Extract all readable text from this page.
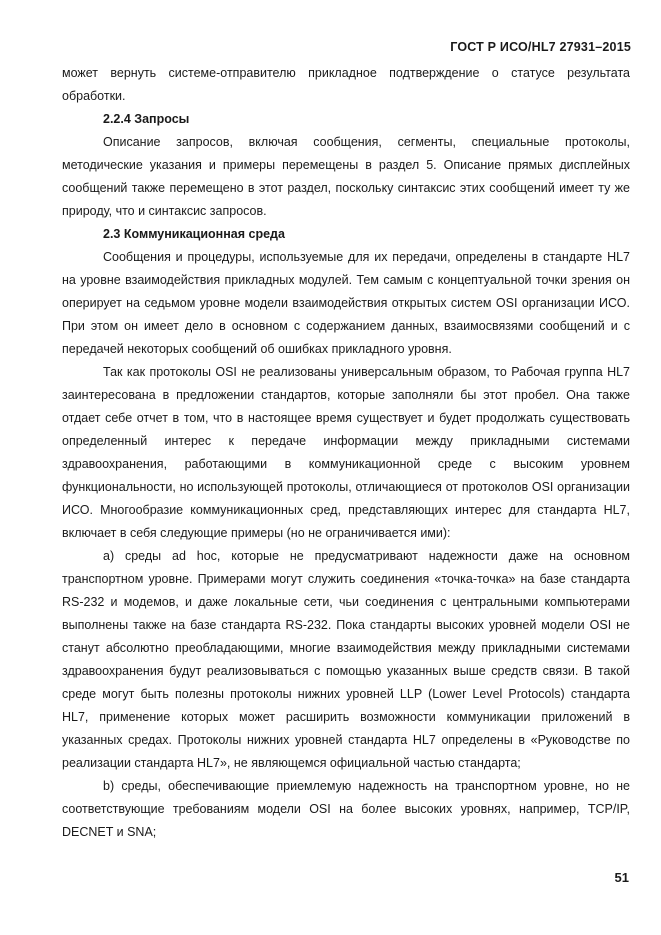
ГОСТ Р ИСО/HL7 27931–2015

может вернуть системе-отправителю прикладное подтверждение о статусе результата обработки.

2.2.4 Запросы

Описание запросов, включая сообщения, сегменты, специальные протоколы, методические указания и примеры перемещены в раздел 5. Описание прямых дисплейных сообщений также перемещено в этот раздел, поскольку синтаксис этих сообщений имеет ту же природу, что и синтаксис запросов.

2.3 Коммуникационная среда

Сообщения и процедуры, используемые для их передачи, определены в стандарте HL7 на уровне взаимодействия прикладных модулей. Тем самым с концептуальной точки зрения он оперирует на седьмом уровне модели взаимодействия открытых систем OSI организации ИСО. При этом он имеет дело в основном с содержанием данных, взаимосвязями сообщений и с передачей некоторых сообщений об ошибках прикладного уровня.

Так как протоколы OSI не реализованы универсальным образом, то Рабочая группа HL7 заинтересована в предложении стандартов, которые заполняли бы этот пробел. Она также отдает себе отчет в том, что в настоящее время существует и будет продолжать существовать определенный интерес к передаче информации между прикладными системами здравоохранения, работающими в коммуникационной среде с высоким уровнем функциональности, но использующей протоколы, отличающиеся от протоколов OSI организации ИСО. Многообразие коммуникационных сред, представляющих интерес для стандарта HL7, включает в себя следующие примеры (но не ограничивается ими):

a) среды ad hoc, которые не предусматривают надежности даже на основном транспортном уровне. Примерами могут служить соединения «точка-точка» на базе стандарта RS-232 и модемов, и даже локальные сети, чьи соединения с центральными компьютерами выполнены также на базе стандарта RS-232. Пока стандарты высоких уровней модели OSI не станут абсолютно преобладающими, многие взаимодействия между прикладными системами здравоохранения будут реализовываться с помощью указанных выше средств связи. В такой среде могут быть полезны протоколы нижних уровней LLP (Lower Level Protocols) стандарта HL7, применение которых может расширить возможности коммуникации приложений в указанных средах. Протоколы нижних уровней стандарта HL7 определены в «Руководстве по реализации стандарта HL7», не являющемся официальной частью стандарта;

b) среды, обеспечивающие приемлемую надежность на транспортном уровне, но не соответствующие требованиям модели OSI на более высоких уровнях, например, TCP/IP, DECNET и SNA;

51
